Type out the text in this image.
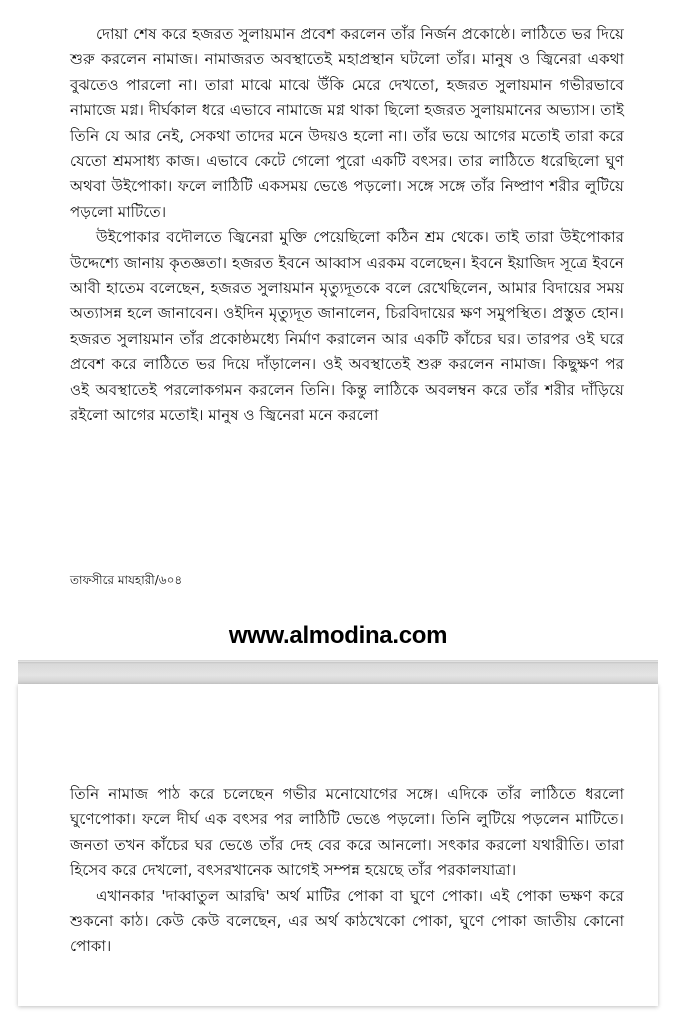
দোয়া শেষ করে হজরত সুলায়মান প্রবেশ করলেন তাঁর নির্জন প্রকোষ্ঠে। লাঠিতে ভর দিয়ে শুরু করলেন নামাজ। নামাজরত অবস্থাতেই মহাপ্রস্থান ঘটলো তাঁর। মানুষ ও জ্বিনেরা একথা বুঝতেও পারলো না। তারা মাঝে মাঝে উঁকি মেরে দেখতো, হজরত সুলায়মান গভীরভাবে নামাজে মগ্ন। দীর্ঘকাল ধরে এভাবে নামাজে মগ্ন থাকা ছিলো হজরত সুলায়মানের অভ্যাস। তাই তিনি যে আর নেই, সেকথা তাদের মনে উদয়ও হলো না। তাঁর ভয়ে আগের মতোই তারা করে যেতো শ্রমসাধ্য কাজ। এভাবে কেটে গেলো পুরো একটি বৎসর। তার লাঠিতে ধরেছিলো ঘুণ অথবা উইপোকা। ফলে লাঠিটি একসময় ভেঙে পড়লো। সঙ্গে সঙ্গে তাঁর নিষ্প্রাণ শরীর লুটিয়ে পড়লো মাটিতে।

উইপোকার বদৌলতে জ্বিনেরা মুক্তি পেয়েছিলো কঠিন শ্রম থেকে। তাই তারা উইপোকার উদ্দেশ্যে জানায় কৃতজ্ঞতা। হজরত ইবনে আব্বাস এরকম বলেছেন। ইবনে ইয়াজিদ সূত্রে ইবনে আবী হাতেম বলেছেন, হজরত সুলায়মান মৃত্যুদূতকে বলে রেখেছিলেন, আমার বিদায়ের সময় অত্যাসন্ন হলে জানাবেন। ওইদিন মৃত্যুদূত জানালেন, চিরবিদায়ের ক্ষণ সমুপস্থিত। প্রস্তুত হোন। হজরত সুলায়মান তাঁর প্রকোষ্ঠমধ্যে নির্মাণ করালেন আর একটি কাঁচের ঘর। তারপর ওই ঘরে প্রবেশ করে লাঠিতে ভর দিয়ে দাঁড়ালেন। ওই অবস্থাতেই শুরু করলেন নামাজ। কিছুক্ষণ পর ওই অবস্থাতেই পরলোকগমন করলেন তিনি। কিন্তু লাঠিকে অবলম্বন করে তাঁর শরীর দাঁড়িয়ে রইলো আগের মতোই। মানুষ ও জ্বিনেরা মনে করলো

তাফসীরে মাযহারী/৬০৪

www.almodina.com

তিনি নামাজ পাঠ করে চলেছেন গভীর মনোযোগের সঙ্গে। এদিকে তাঁর লাঠিতে ধরলো ঘুণেপোকা। ফলে দীর্ঘ এক বৎসর পর লাঠিটি ভেঙে পড়লো। তিনি লুটিয়ে পড়লেন মাটিতে। জনতা তখন কাঁচের ঘর ভেঙে তাঁর দেহ বের করে আনলো। সৎকার করলো যথারীতি। তারা হিসেব করে দেখলো, বৎসরখানেক আগেই সম্পন্ন হয়েছে তাঁর পরকালযাত্রা।

এখানকার 'দাব্বাতুল আরদ্বি' অর্থ মাটির পোকা বা ঘুণে পোকা। এই পোকা ভক্ষণ করে শুকনো কাঠ। কেউ কেউ বলেছেন, এর অর্থ কাঠখেকো পোকা, ঘুণে পোকা জাতীয় কোনো পোকা।
